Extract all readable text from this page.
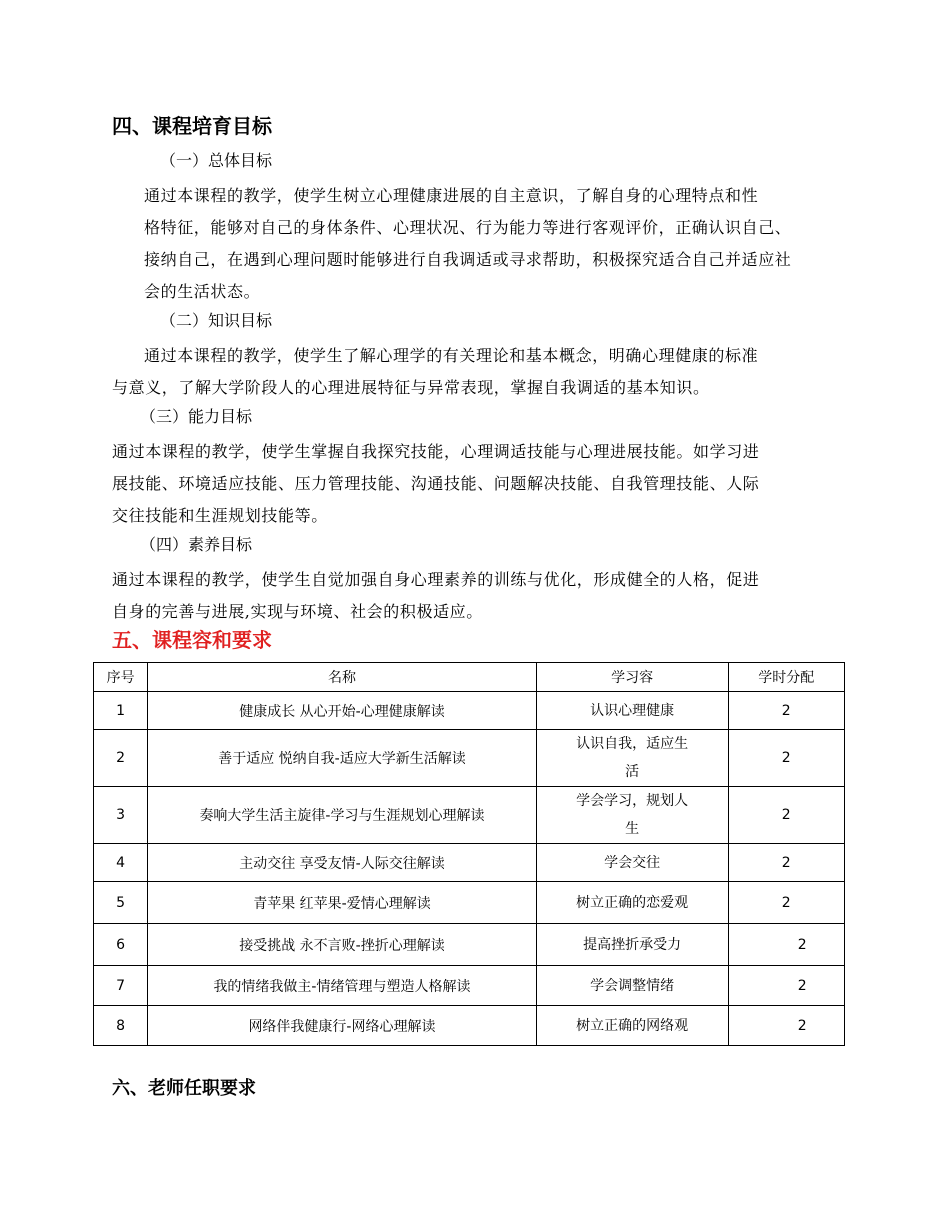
四、课程培育目标
（一）总体目标
通过本课程的教学，使学生树立心理健康进展的自主意识，了解自身的心理特点和性
格特征，能够对自己的身体条件、心理状况、行为能力等进行客观评价，正确认识自己、
接纳自己，在遇到心理问题时能够进行自我调适或寻求帮助，积极探究适合自己并适应社
会的生活状态。
（二）知识目标
通过本课程的教学，使学生了解心理学的有关理论和基本概念，明确心理健康的标准
与意义，了解大学阶段人的心理进展特征与异常表现，掌握自我调适的基本知识。
（三）能力目标
通过本课程的教学，使学生掌握自我探究技能，心理调适技能与心理进展技能。如学习进
展技能、环境适应技能、压力管理技能、沟通技能、问题解决技能、自我管理技能、人际
交往技能和生涯规划技能等。
（四）素养目标
通过本课程的教学，使学生自觉加强自身心理素养的训练与优化，形成健全的人格，促进
自身的完善与进展,实现与环境、社会的积极适应。
五、课程容和要求
序号	名称	学习容	学时分配
1	健康成长 从心开始-心理健康解读	认识心理健康	2
2	善于适应 悦纳自我-适应大学新生活解读	认识自我，适应生
活	2
3	奏响大学生活主旋律-学习与生涯规划心理解读	学会学习，规划人
生	2
4	主动交往 享受友情-人际交往解读	学会交往	2
5	青苹果 红苹果-爱情心理解读	树立正确的恋爱观	2
6	接受挑战 永不言败-挫折心理解读	提高挫折承受力	2
7	我的情绪我做主-情绪管理与塑造人格解读	学会调整情绪	2
8	网络伴我健康行-网络心理解读	树立正确的网络观	2
六、老师任职要求
